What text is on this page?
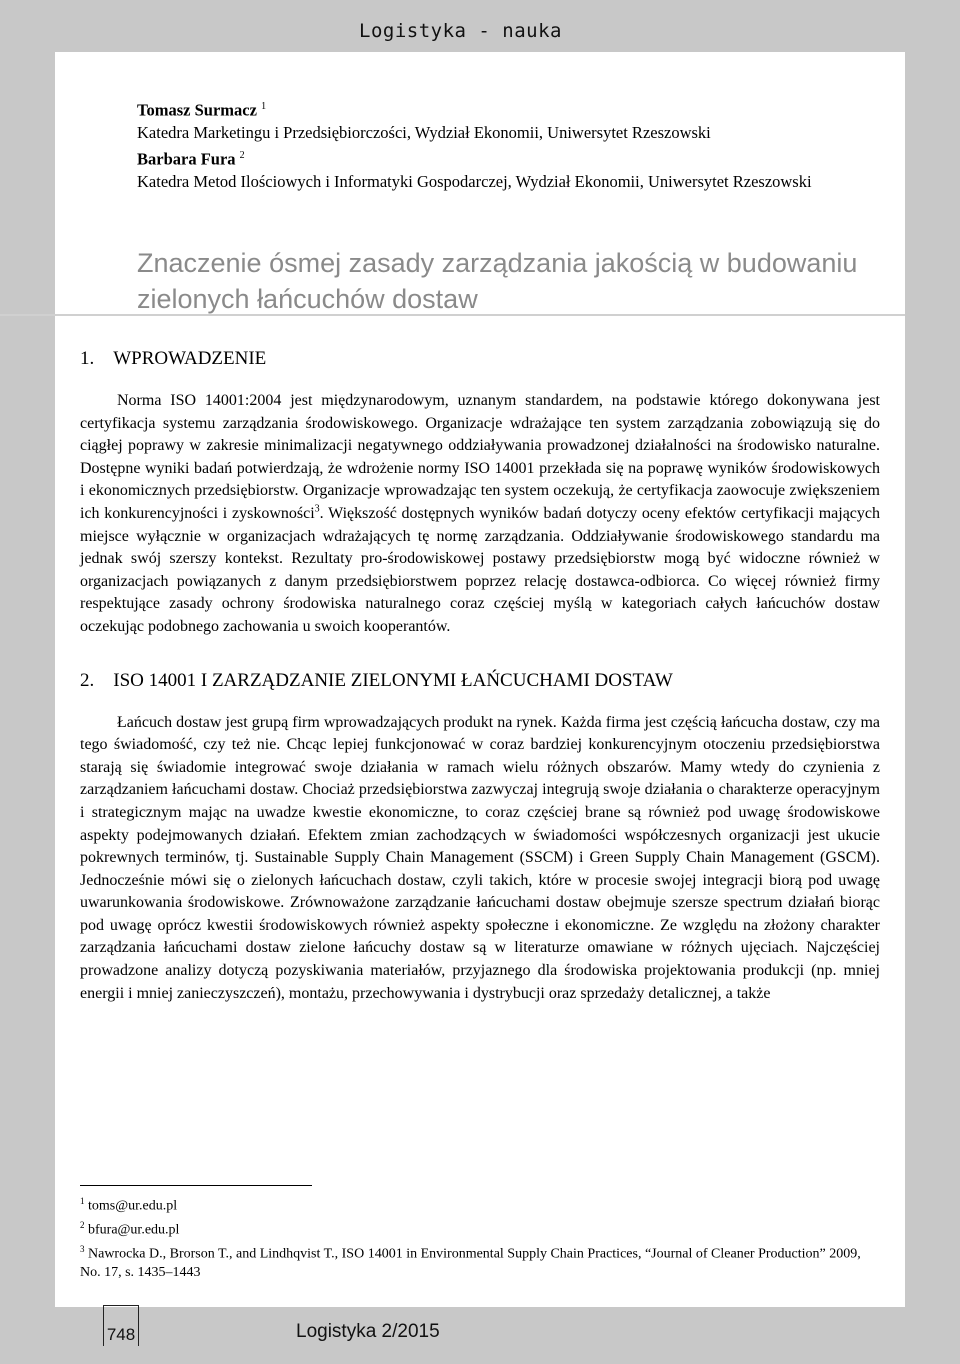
Logistyka - nauka
Tomasz Surmacz $^1$
Katedra Marketingu i Przedsiębiorczości, Wydział Ekonomii, Uniwersytet Rzeszowski
Barbara Fura $^2$
Katedra Metod Ilościowych i Informatyki Gospodarczej, Wydział Ekonomii, Uniwersytet Rzeszowski
Znaczenie ósmej zasady zarządzania jakością w budowaniu zielonych łańcuchów dostaw
1. WPROWADZENIE

Norma ISO 14001:2004 jest międzynarodowym, uznanym standardem, na podstawie którego dokonywana jest certyfikacja systemu zarządzania środowiskowego. Organizacje wdrażające ten system zarządzania zobowiązują się do ciągłej poprawy w zakresie minimalizacji negatywnego oddziaływania prowadzonej działalności na środowisko naturalne. Dostępne wyniki badań potwierdzają, że wdrożenie normy ISO 14001 przekłada się na poprawę wyników środowiskowych i ekonomicznych przedsiębiorstw. Organizacje wprowadzając ten system oczekują, że certyfikacja zaowocuje zwiększeniem ich konkurencyjności i zyskowności$^3$. Większość dostępnych wyników badań dotyczy oceny efektów certyfikacji mających miejsce wyłącznie w organizacjach wdrażających tę normę zarządzania. Oddziaływanie środowiskowego standardu ma jednak swój szerszy kontekst. Rezultaty pro-środowiskowej postawy przedsiębiorstw mogą być widoczne również w organizacjach powiązanych z danym przedsiębiorstwem poprzez relację dostawca-odbiorca. Co więcej również firmy respektujące zasady ochrony środowiska naturalnego coraz częściej myślą w kategoriach całych łańcuchów dostaw oczekując podobnego zachowania u swoich kooperantów.

2. ISO 14001 I ZARZĄDZANIE ZIELONYMI ŁAŃCUCHAMI DOSTAW

Łańcuch dostaw jest grupą firm wprowadzających produkt na rynek. Każda firma jest częścią łańcucha dostaw, czy ma tego świadomość, czy też nie. Chcąc lepiej funkcjonować w coraz bardziej konkurencyjnym otoczeniu przedsiębiorstwa starają się świadomie integrować swoje działania w ramach wielu różnych obszarów. Mamy wtedy do czynienia z zarządzaniem łańcuchami dostaw. Chociaż przedsiębiorstwa zazwyczaj integrują swoje działania o charakterze operacyjnym i strategicznym mając na uwadze kwestie ekonomiczne, to coraz częściej brane są również pod uwagę środowiskowe aspekty podejmowanych działań. Efektem zmian zachodzących w świadomości współczesnych organizacji jest ukucie pokrewnych terminów, tj. Sustainable Supply Chain Management (SSCM) i Green Supply Chain Management (GSCM). Jednocześnie mówi się o zielonych łańcuchach dostaw, czyli takich, które w procesie swojej integracji biorą pod uwagę uwarunkowania środowiskowe. Zrównoważone zarządzanie łańcuchami dostaw obejmuje szersze spectrum działań biorąc pod uwagę oprócz kwestii środowiskowych również aspekty społeczne i ekonomiczne. Ze względu na złożony charakter zarządzania łańcuchami dostaw zielone łańcuchy dostaw są w literaturze omawiane w różnych ujęciach. Najczęściej prowadzone analizy dotyczą pozyskiwania materiałów, przyjaznego dla środowiska projektowania produkcji (np. mniej energii i mniej zanieczyszczeń), montażu, przechowywania i dystrybucji oraz sprzedaży detalicznej, a także

$^1$ toms@ur.edu.pl
$^2$ bfura@ur.edu.pl
$^3$ Nawrocka D., Brorson T., and Lindhqvist T., ISO 14001 in Environmental Supply Chain Practices, “Journal of Cleaner Production” 2009, No. 17, s. 1435–1443
748	Logistyka 2/2015
